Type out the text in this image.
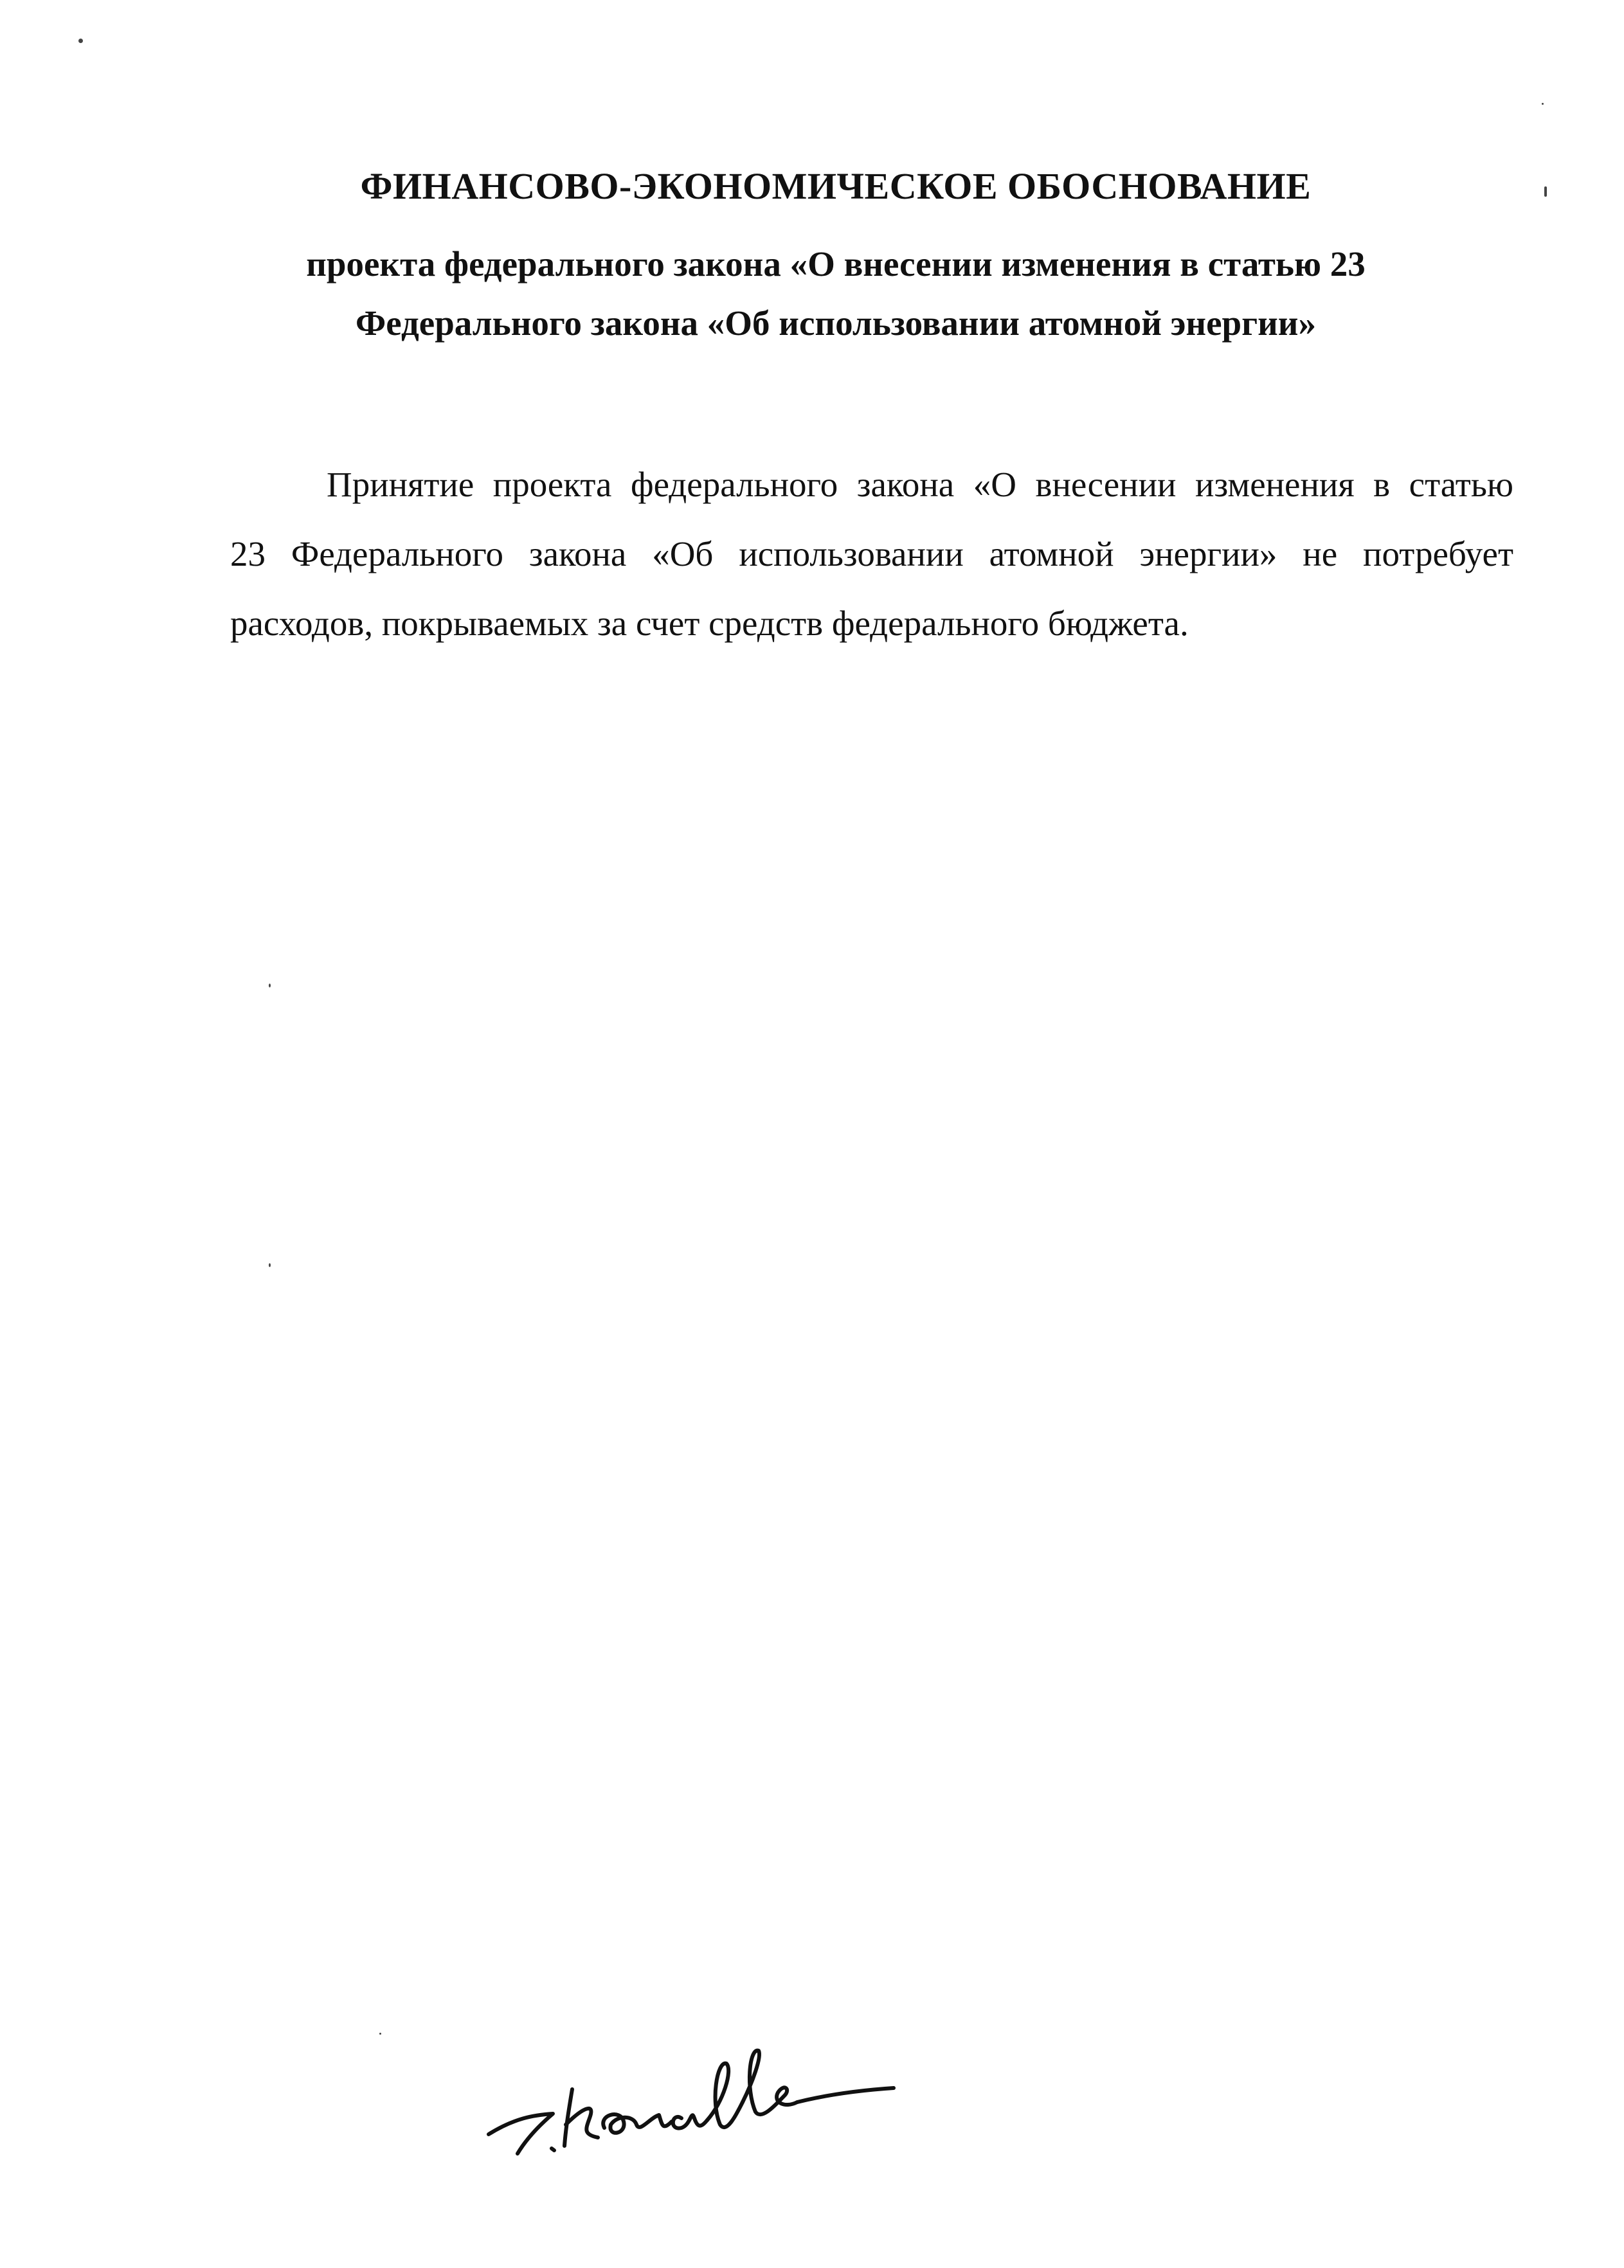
ФИНАНСОВО-ЭКОНОМИЧЕСКОЕ ОБОСНОВАНИЕ
проекта федерального закона «О внесении изменения в статью 23
Федерального закона «Об использовании атомной энергии»

Принятие проекта федерального закона «О внесении изменения в статью
23 Федерального закона «Об использовании атомной энергии» не потребует
расходов, покрываемых за счет средств федерального бюджета.
